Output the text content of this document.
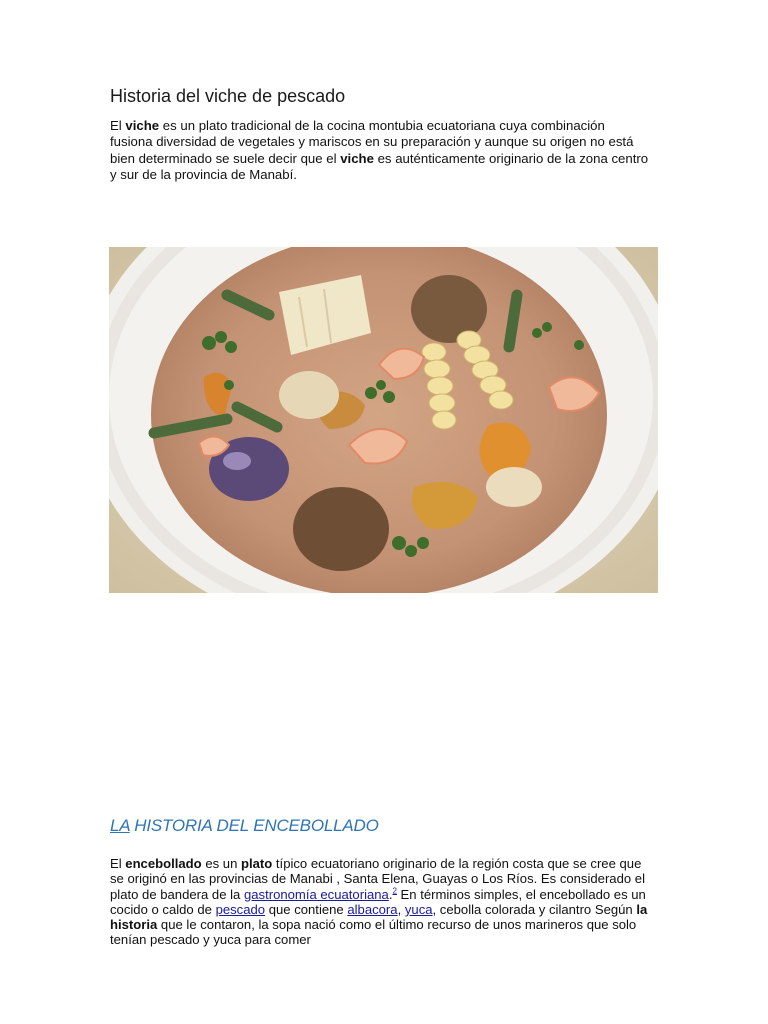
Historia del viche de pescado
El viche es un plato tradicional de la cocina montubia ecuatoriana cuya combinación fusiona diversidad de vegetales y mariscos en su preparación y aunque su origen no está bien determinado se suele decir que el viche es auténticamente originario de la zona centro y sur de la provincia de Manabí.
LA HISTORIA DEL ENCEBOLLADO
El encebollado es un plato típico ecuatoriano originario de la región costa que se cree que se originó en las provincias de Manabi , Santa Elena, Guayas o Los Ríos. Es considerado el plato de bandera de la gastronomía ecuatoriana.$^2$ En términos simples, el encebollado es un cocido o caldo de pescado que contiene albacora, yuca, cebolla colorada y cilantro Según la historia que le contaron, la sopa nació como el último recurso de unos marineros que solo tenían pescado y yuca para comer
